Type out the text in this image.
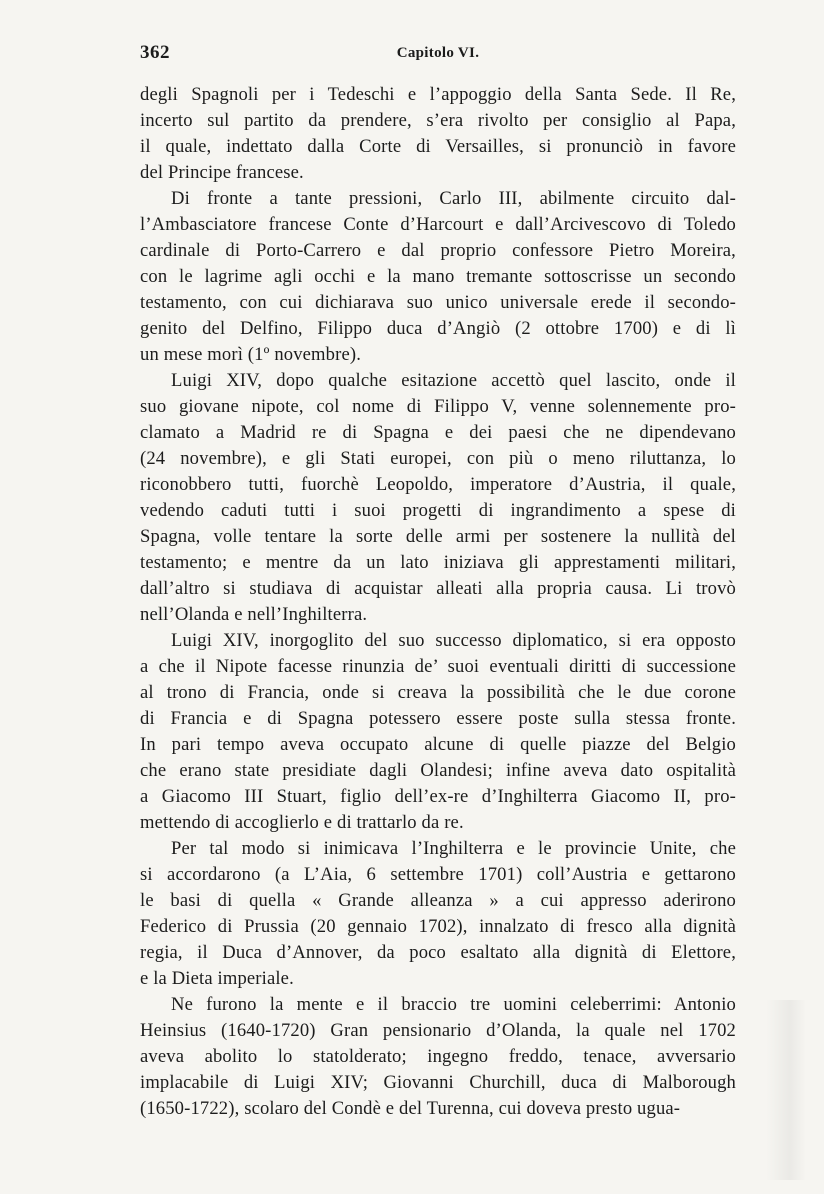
362	Capitolo VI.

degli Spagnoli per i Tedeschi e l’appoggio della Santa Sede. Il Re,
incerto sul partito da prendere, s’era rivolto per consiglio al Papa,
il quale, indettato dalla Corte di Versailles, si pronunciò in favore
del Principe francese.

Di fronte a tante pressioni, Carlo III, abilmente circuito dal-
l’Ambasciatore francese Conte d’Harcourt e dall’Arcivescovo di Toledo
cardinale di Porto-Carrero e dal proprio confessore Pietro Moreira,
con le lagrime agli occhi e la mano tremante sottoscrisse un secondo
testamento, con cui dichiarava suo unico universale erede il secondo-
genito del Delfino, Filippo duca d’Angiò (2 ottobre 1700) e di lì
un mese morì (1º novembre).

Luigi XIV, dopo qualche esitazione accettò quel lascito, onde il
suo giovane nipote, col nome di Filippo V, venne solennemente pro-
clamato a Madrid re di Spagna e dei paesi che ne dipendevano
(24 novembre), e gli Stati europei, con più o meno riluttanza, lo
riconobbero tutti, fuorchè Leopoldo, imperatore d’Austria, il quale,
vedendo caduti tutti i suoi progetti di ingrandimento a spese di
Spagna, volle tentare la sorte delle armi per sostenere la nullità del
testamento; e mentre da un lato iniziava gli apprestamenti militari,
dall’altro si studiava di acquistar alleati alla propria causa. Li trovò
nell’Olanda e nell’Inghilterra.

Luigi XIV, inorgoglito del suo successo diplomatico, si era opposto
a che il Nipote facesse rinunzia de’ suoi eventuali diritti di successione
al trono di Francia, onde si creava la possibilità che le due corone
di Francia e di Spagna potessero essere poste sulla stessa fronte.
In pari tempo aveva occupato alcune di quelle piazze del Belgio
che erano state presidiate dagli Olandesi; infine aveva dato ospitalità
a Giacomo III Stuart, figlio dell’ex-re d’Inghilterra Giacomo II, pro-
mettendo di accoglierlo e di trattarlo da re.

Per tal modo si inimicava l’Inghilterra e le provincie Unite, che
si accordarono (a L’Aia, 6 settembre 1701) coll’Austria e gettarono
le basi di quella « Grande alleanza » a cui appresso aderirono
Federico di Prussia (20 gennaio 1702), innalzato di fresco alla dignità
regia, il Duca d’Annover, da poco esaltato alla dignità di Elettore,
e la Dieta imperiale.

Ne furono la mente e il braccio tre uomini celeberrimi: Antonio
Heinsius (1640-1720) Gran pensionario d’Olanda, la quale nel 1702
aveva abolito lo statolderato; ingegno freddo, tenace, avversario
implacabile di Luigi XIV; Giovanni Churchill, duca di Malborough
(1650-1722), scolaro del Condè e del Turenna, cui doveva presto ugua-
